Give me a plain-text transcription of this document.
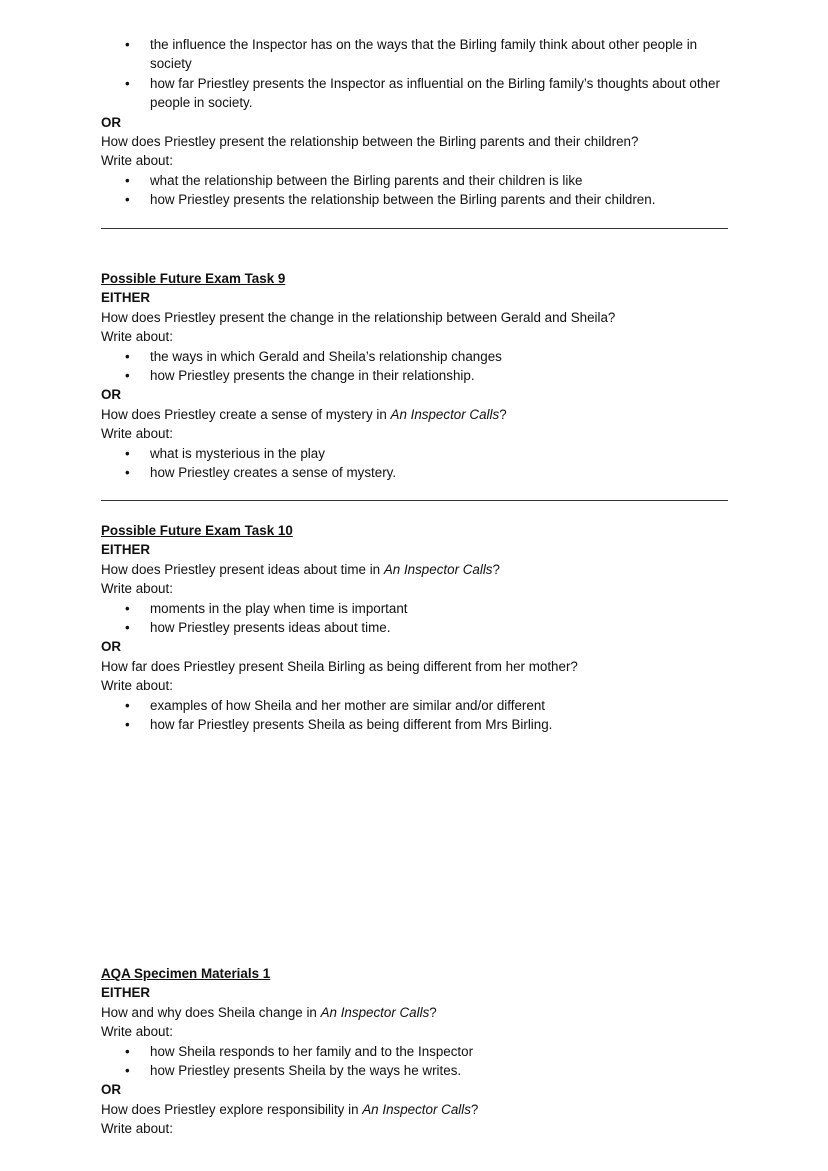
• the influence the Inspector has on the ways that the Birling family think about other people in society
• how far Priestley presents the Inspector as influential on the Birling family’s thoughts about other people in society.
OR
How does Priestley present the relationship between the Birling parents and their children?
Write about:
• what the relationship between the Birling parents and their children is like
• how Priestley presents the relationship between the Birling parents and their children.
Possible Future Exam Task 9
EITHER
How does Priestley present the change in the relationship between Gerald and Sheila?
Write about:
• the ways in which Gerald and Sheila’s relationship changes
• how Priestley presents the change in their relationship.
OR
How does Priestley create a sense of mystery in An Inspector Calls?
Write about:
• what is mysterious in the play
• how Priestley creates a sense of mystery.
Possible Future Exam Task 10
EITHER
How does Priestley present ideas about time in An Inspector Calls?
Write about:
• moments in the play when time is important
• how Priestley presents ideas about time.
OR
How far does Priestley present Sheila Birling as being different from her mother?
Write about:
• examples of how Sheila and her mother are similar and/or different
• how far Priestley presents Sheila as being different from Mrs Birling.
AQA Specimen Materials 1
EITHER
How and why does Sheila change in An Inspector Calls?
Write about:
• how Sheila responds to her family and to the Inspector
• how Priestley presents Sheila by the ways he writes.
OR
How does Priestley explore responsibility in An Inspector Calls?
Write about:
